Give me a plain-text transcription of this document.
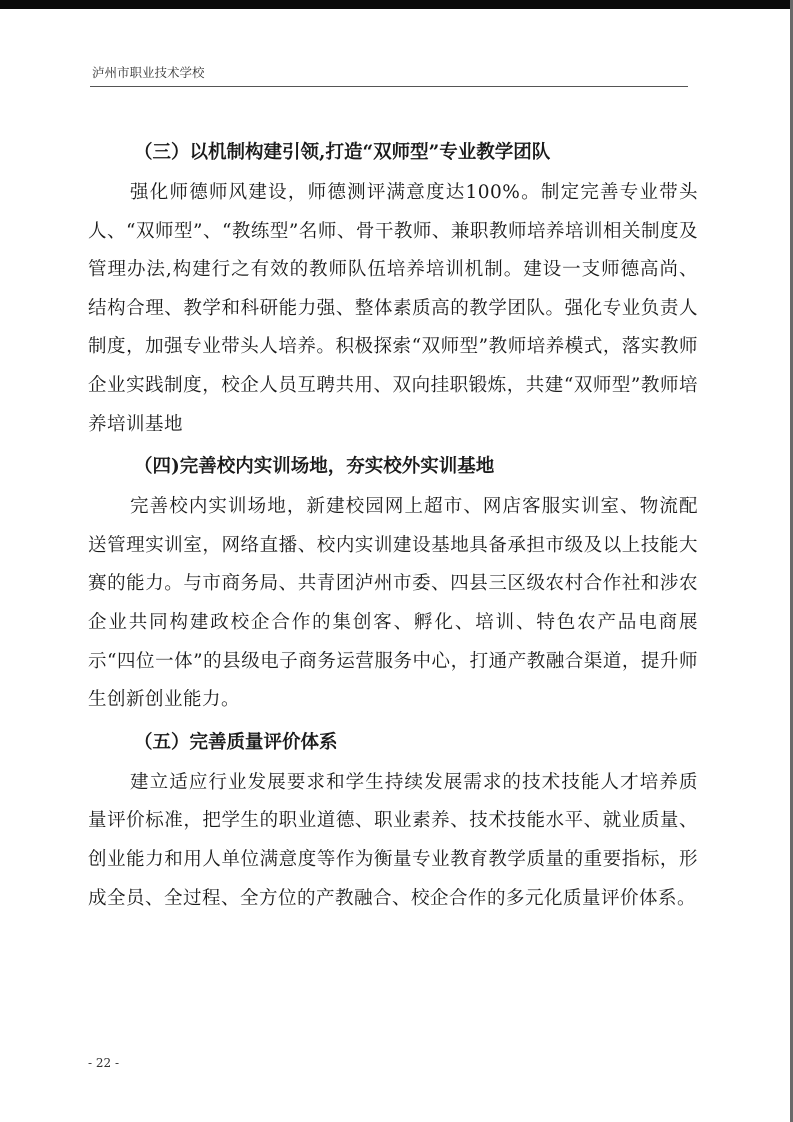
泸州市职业技术学校

（三）以机制构建引领,打造“双师型”专业教学团队

强化师德师风建设，师德测评满意度达100%。制定完善专业带头人、“双师型”、“教练型”名师、骨干教师、兼职教师培养培训相关制度及管理办法,构建行之有效的教师队伍培养培训机制。建设一支师德高尚、结构合理、教学和科研能力强、整体素质高的教学团队。强化专业负责人制度，加强专业带头人培养。积极探索“双师型”教师培养模式，落实教师企业实践制度，校企人员互聘共用、双向挂职锻炼，共建“双师型”教师培养培训基地

（四)完善校内实训场地，夯实校外实训基地

完善校内实训场地，新建校园网上超市、网店客服实训室、物流配送管理实训室，网络直播、校内实训建设基地具备承担市级及以上技能大赛的能力。与市商务局、共青团泸州市委、四县三区级农村合作社和涉农企业共同构建政校企合作的集创客、孵化、培训、特色农产品电商展示“四位一体”的县级电子商务运营服务中心，打通产教融合渠道，提升师生创新创业能力。

（五）完善质量评价体系

建立适应行业发展要求和学生持续发展需求的技术技能人才培养质量评价标准，把学生的职业道德、职业素养、技术技能水平、就业质量、创业能力和用人单位满意度等作为衡量专业教育教学质量的重要指标，形成全员、全过程、全方位的产教融合、校企合作的多元化质量评价体系。

- 22 -
